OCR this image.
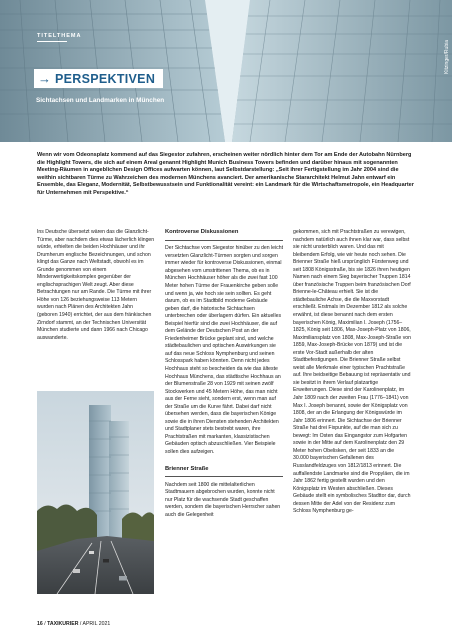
TITELTHEMA
Kitzinger/Rubia
→ PERSPEKTIVEN
Sichtachsen und Landmarken in München

Wenn wir vom Odeonsplatz kommend auf das Siegestor zufahren, erscheinen weiter nördlich hinter dem Tor am Ende der Autobahn Nürnberg die Highlight Towers, die sich auf einem Areal genannt Highlight Munich Business Towers befinden und darüber hinaus mit sogenannten Meeting-Räumen in angeblichen Design Offices aufwarten können, laut Selbstdarstellung: „Seit ihrer Fertigstellung im Jahr 2004 sind die weithin sichtbaren Türme zu Wahrzeichen des modernen Münchens avanciert. Der amerikanische Stararchitekt Helmut Jahn entwarf ein Ensemble, das Eleganz, Modernität, Selbstbewusstsein und Funktionalität vereint: ein Landmark für die Wirtschaftsmetropole, ein Headquarter für Unternehmen mit Perspektive.“

Ins Deutsche übersetzt wären das die Glanzlicht-Türme, aber nachdem dies etwas lächerlich klingen würde, erhielten die beiden Hochhäuser und ihr Drumherum englische Bezeichnungen, und schon klingt das Ganze nach Weltstadt, obwohl es im Grunde genommen von einem Minderwertigkeitskomplex gegenüber der englischsprachigen Welt zeugt. Aber diese Betrachtungen nur am Rande. Die Türme mit ihrer Höhe von 126 beziehungsweise 113 Metern wurden nach Plänen des Architekten Jahn (geboren 1940) errichtet, der aus dem fränkischen Zirndorf stammt, an der Technischen Universität München studierte und dann 1966 nach Chicago auswanderte.

Kontroverse Diskussionen

Der Sichtachse vom Siegestor hinüber zu den leicht versetzten Glanzlicht-Türmen sorgten und sorgen immer wieder für kontroverse Diskussionen, einmal abgesehen vom umstrittenen Thema, ob es in München Hochhäuser höher als die zwei fast 100 Meter hohen Türme der Frauenkirche geben solle und wenn ja, wie hoch sie sein sollten. Es geht darum, ob es im Stadtbild moderne Gebäude geben darf, die historische Sichtachsen unterbrechen oder überlagern dürfen. Ein aktuelles Beispiel hierfür sind die zwei Hochhäuser, die auf dem Gelände der Deutschen Post an der Friedenheimer Brücke geplant sind, und welche städtebaulichen und optischen Auswirkungen sie auf das neue Schloss Nymphenburg und seinen Schlosspark haben könnten. Denn nicht jedes Hochhaus steht so bescheiden da wie das älteste Hochhaus Münchens, das städtische Hochhaus an der Blumenstraße 28 von 1929 mit seinen zwölf Stockwerken und 45 Metern Höhe, das man nicht aus der Ferne sieht, sondern erst, wenn man auf der Straße um die Kurve fährt. Dabei darf nicht übersehen werden, dass die bayerischen Könige sowie die in ihren Diensten stehenden Architekten und Stadtplaner stets bestrebt waren, ihre Prachtstraßen mit markanten, klassizistischen Gebäuden optisch abzuschließen. Vier Beispiele sollen dies aufzeigen.

Brienner Straße

Nachdem seit 1800 die mittelalterlichen Stadtmauern abgebrochen wurden, konnte nicht nur Platz für die wachsende Stadt geschaffen werden, sondern die bayerischen Herrscher sahen auch die Gelegenheit

gekommen, sich mit Prachtstraßen zu verewigen, nachdem natürlich auch ihnen klar war, dass selbst sie nicht unsterblich waren. Und das mit bleibendem Erfolg, wie wir heute noch sehen. Die Brienner Straße hieß ursprünglich Fürstenweg und seit 1808 Königsstraße, bis sie 1826 ihren heutigen Namen nach einem Sieg bayerischer Truppen 1814 über französische Truppen beim französischen Dorf Brienne-le-Château erhielt. Sie ist die städtebauliche Achse, die die Maxvorstadt erschließt. Erstmals im Dezember 1812 als solche erwähnt, ist diese benannt nach dem ersten bayerischen König, Maximilian I. Joseph (1756–1825, König seit 1806, Max-Joseph-Platz von 1806, Maximiliansplatz von 1808, Max-Joseph-Straße von 1859, Max-Joseph-Brücke von 1879) und ist die erste Vor-Stadt außerhalb der alten Stadtbefestigungen. Die Brienner Straße selbst weist alle Merkmale einer typischen Prachtstraße auf. Ihre beidseitige Bebauung ist repräsentativ und sie besitzt in ihrem Verlauf platzartige Erweiterungen. Diese sind der Karolinenplatz, im Jahr 1809 nach der zweiten Frau (1776–1841) von Max I. Joseph benannt, sowie der Königsplatz von 1808, der an die Erlangung der Königswürde im Jahr 1806 erinnert. Die Sichtachse der Brienner Straße hat drei Fixpunkte, auf die man sich zu bewegt: Im Osten das Eingangstor zum Hofgarten sowie in der Mitte auf dem Karolinenplatz den 29 Meter hohen Obelisken, der seit 1833 an die 30.000 bayerischen Gefallenen des Russlandfeldzuges von 1812/1813 erinnert. Die auffallendste Landmarke sind die Propyläen, die im Jahr 1862 fertig gestellt wurden und den Königsplatz im Westen abschließen. Dieses Gebäude stellt ein symbolisches Stadttor dar, durch dessen Mitte der Adel von der Residenz zum Schloss Nymphenburg ge-

16 / TAXIKURIER / APRIL 2021
